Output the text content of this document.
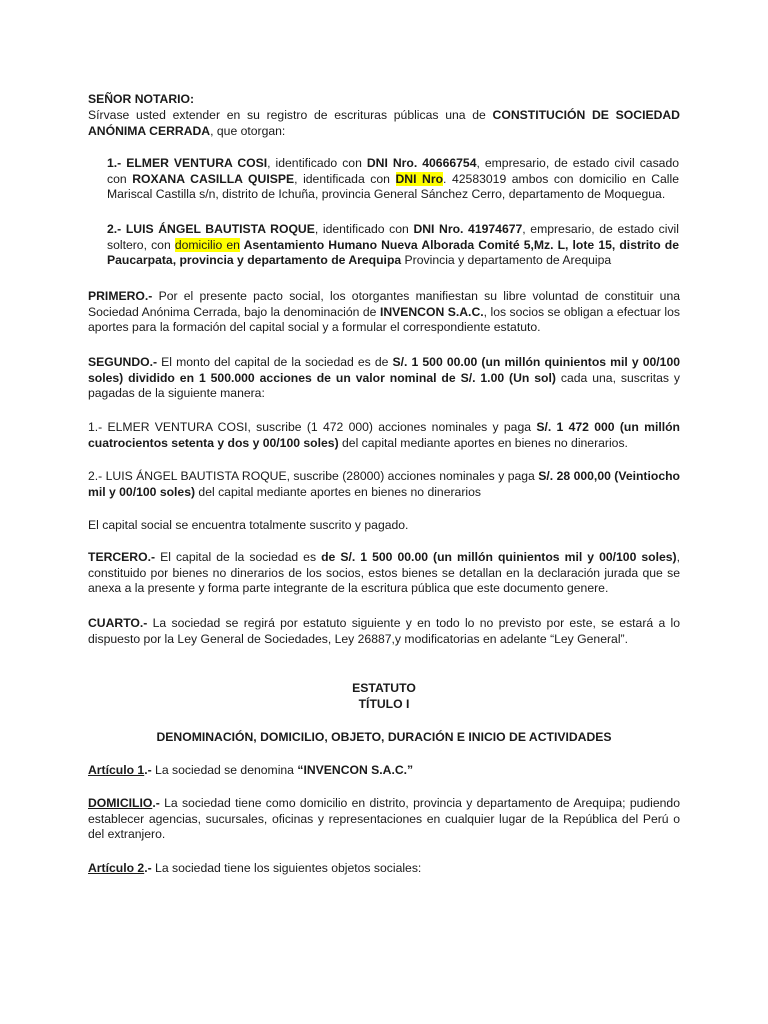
SEÑOR NOTARIO:
Sírvase usted extender en su registro de escrituras públicas una de CONSTITUCIÓN DE SOCIEDAD ANÓNIMA CERRADA, que otorgan:
1.- ELMER VENTURA COSI, identificado con DNI Nro. 40666754, empresario, de estado civil casado con ROXANA CASILLA QUISPE, identificada con DNI Nro. 42583019 ambos con domicilio en Calle Mariscal Castilla s/n, distrito de Ichuña, provincia General Sánchez Cerro, departamento de Moquegua.
2.- LUIS ÁNGEL BAUTISTA ROQUE, identificado con DNI Nro. 41974677, empresario, de estado civil soltero, con domicilio en Asentamiento Humano Nueva Alborada Comité 5,Mz. L, lote 15, distrito de Paucarpata, provincia y departamento de Arequipa Provincia y departamento de Arequipa
PRIMERO.- Por el presente pacto social, los otorgantes manifiestan su libre voluntad de constituir una Sociedad Anónima Cerrada, bajo la denominación de INVENCON S.A.C., los socios se obligan a efectuar los aportes para la formación del capital social y a formular el correspondiente estatuto.
SEGUNDO.- El monto del capital de la sociedad es de S/. 1 500 00.00 (un millón quinientos mil y 00/100 soles) dividido en 1 500.000 acciones de un valor nominal de S/. 1.00 (Un sol) cada una, suscritas y pagadas de la siguiente manera:
1.- ELMER VENTURA COSI, suscribe (1 472 000) acciones nominales y paga S/. 1 472 000 (un millón cuatrocientos setenta y dos y 00/100 soles) del capital mediante aportes en bienes no dinerarios.
2.- LUIS ÁNGEL BAUTISTA ROQUE, suscribe (28000) acciones nominales y paga S/. 28 000,00 (Veintiocho mil y 00/100 soles) del capital mediante aportes en bienes no dinerarios
El capital social se encuentra totalmente suscrito y pagado.
TERCERO.- El capital de la sociedad es de S/. 1 500 00.00 (un millón quinientos mil y 00/100 soles), constituido por bienes no dinerarios de los socios, estos bienes se detallan en la declaración jurada que se anexa a la presente y forma parte integrante de la escritura pública que este documento genere.
CUARTO.- La sociedad se regirá por estatuto siguiente y en todo lo no previsto por este, se estará a lo dispuesto por la Ley General de Sociedades, Ley 26887,y modificatorias en adelante “Ley General”.
ESTATUTO
TÍTULO I
DENOMINACIÓN, DOMICILIO, OBJETO, DURACIÓN E INICIO DE ACTIVIDADES
Artículo 1.- La sociedad se denomina “INVENCON S.A.C.”
DOMICILIO.- La sociedad tiene como domicilio en distrito, provincia y departamento de Arequipa; pudiendo establecer agencias, sucursales, oficinas y representaciones en cualquier lugar de la República del Perú o del extranjero.
Artículo 2.- La sociedad tiene los siguientes objetos sociales:
